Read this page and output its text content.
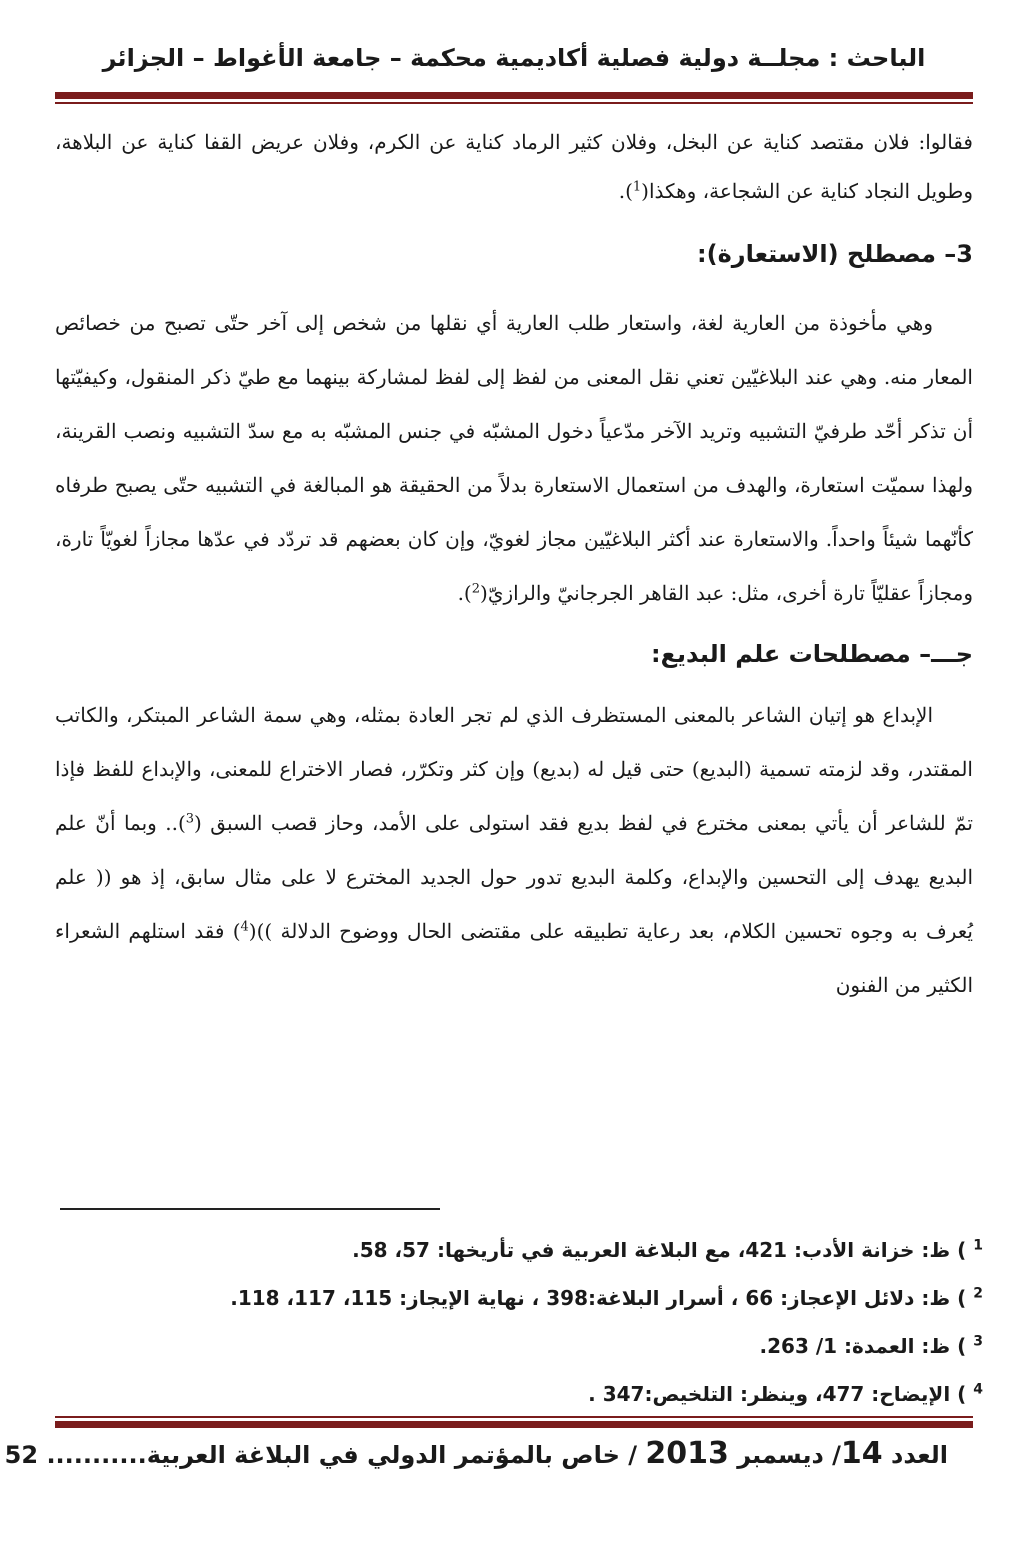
الباحث : مجلــة دولية فصلية أكاديمية محكمة – جامعة الأغواط – الجزائر

فقالوا: فلان مقتصد كناية عن البخل، وفلان كثير الرماد كناية عن الكرم، وفلان عريض القفا كناية عن البلاهة، وطويل النجاد كناية عن الشجاعة، وهكذا($^1$).

3– مصطلح (الاستعارة):

وهي مأخوذة من العارية لغة، واستعار طلب العارية أي نقلها من شخص إلى آخر حتّى تصبح من خصائص المعار منه. وهي عند البلاغيّين تعني نقل المعنى من لفظ إلى لفظ لمشاركة بينهما مع طيّ ذكر المنقول، وكيفيّتها أن تذكر أحّد طرفيّ التشبيه وتريد الآخر مدّعياً دخول المشبّه في جنس المشبّه به مع سدّ التشبيه ونصب القرينة، ولهذا سميّت استعارة، والهدف من استعمال الاستعارة بدلاً من الحقيقة هو المبالغة في التشبيه حتّى يصبح طرفاه كأنّهما شيئاً واحداً. والاستعارة عند أكثر البلاغيّين مجاز لغويّ، وإن كان بعضهم قد تردّد في عدّها مجازاً لغويّاً تارة، ومجازاً عقليّاً تارة أخرى، مثل: عبد القاهر الجرجانيّ والرازيّ($^2$).

جـــ– مصطلحات علم البديع:

الإبداع هو إتيان الشاعر بالمعنى المستظرف الذي لم تجر العادة بمثله، وهي سمة الشاعر المبتكر، والكاتب المقتدر، وقد لزمته تسمية (البديع) حتى قيل له (بديع) وإن كثر وتكرّر، فصار الاختراع للمعنى، والإبداع للفظ فإذا تمّ للشاعر أن يأتي بمعنى مخترع في لفظ بديع فقد استولى على الأمد، وحاز قصب السبق ($^3$).. وبما أنّ علم البديع يهدف إلى التحسين والإبداع، وكلمة البديع تدور حول الجديد المخترع لا على مثال سابق، إذ هو (( علم يُعرف به وجوه تحسين الكلام، بعد رعاية تطبيقه على مقتضى الحال ووضوح الدلالة ))($^4$) فقد استلهم الشعراء الكثير من الفنون

$^1$ ) ظ: خزانة الأدب: 421، مع البلاغة العربية في تأريخها: 57، 58.
$^2$ ) ظ: دلائل الإعجاز: 66 ، أسرار البلاغة:398 ، نهاية الإيجاز: 115، 117، 118.
$^3$ ) ظ: العمدة: 1/ 263.
$^4$ ) الإيضاح: 477، وينظر: التلخيص:347 .
العدد 14/ ديسمبر 2013 / خاص بالمؤتمر الدولي في البلاغة العربية........... 52
